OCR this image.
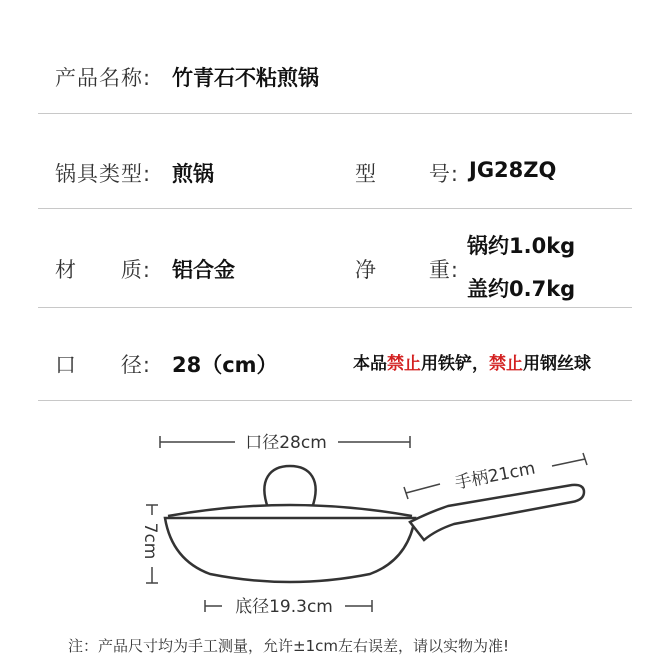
产品名称: 竹青石不粘煎锅
锅 具 类 型: 煎锅	型 号: JG28ZQ
材 质: 铝合金	净 重:
锅约1.0kg
盖约0.7kg
口 径: 28（cm）	本品禁止用铁铲，禁止用钢丝球
口径28cm
手柄21cm
7cm
底径19.3cm
注：产品尺寸均为手工测量，允许±1cm左右误差，请以实物为准!
